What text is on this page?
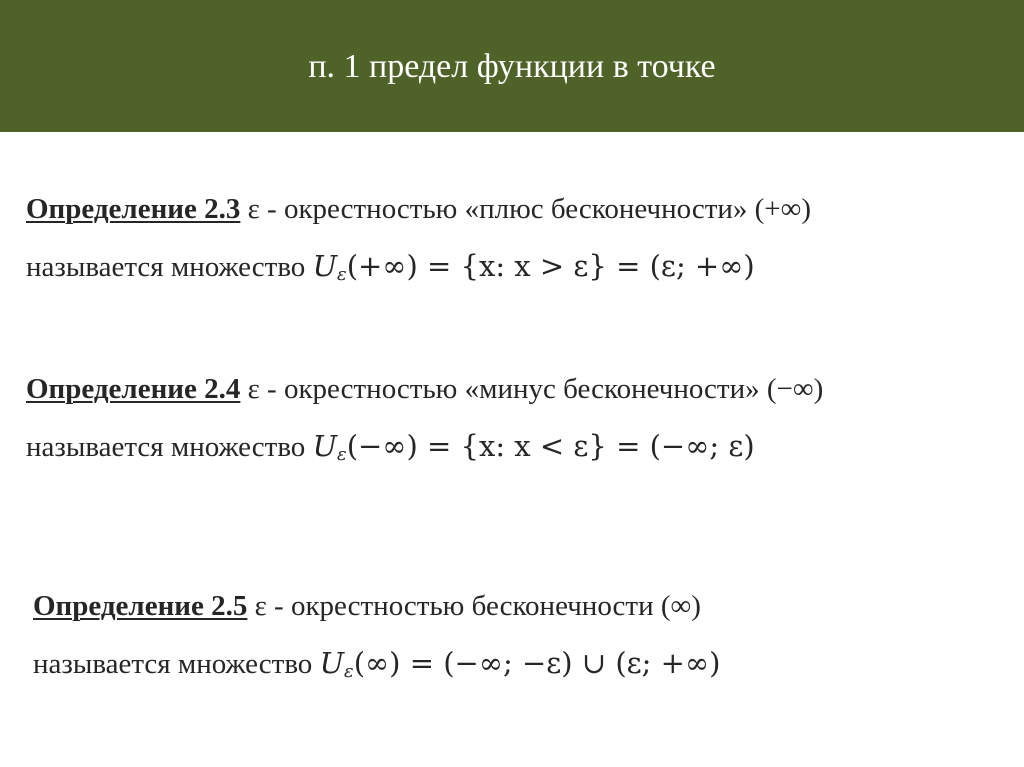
п. 1 предел функции в точке
Определение 2.3 ε - окрестностью «плюс бесконечности» (+∞)
называется множество $U_\varepsilon(+\infty) = \{x$: x > ε} = (ε; +∞)
Определение 2.4 ε - окрестностью «минус бесконечности» (−∞)
называется множество $U_\varepsilon(-\infty) = \{x$: x < ε} = (−∞; ε)
Определение 2.5 ε - окрестностью бесконечности (∞)
называется множество $U_\varepsilon(\infty)$ = (−∞; −ε) ∪ (ε; +∞)
